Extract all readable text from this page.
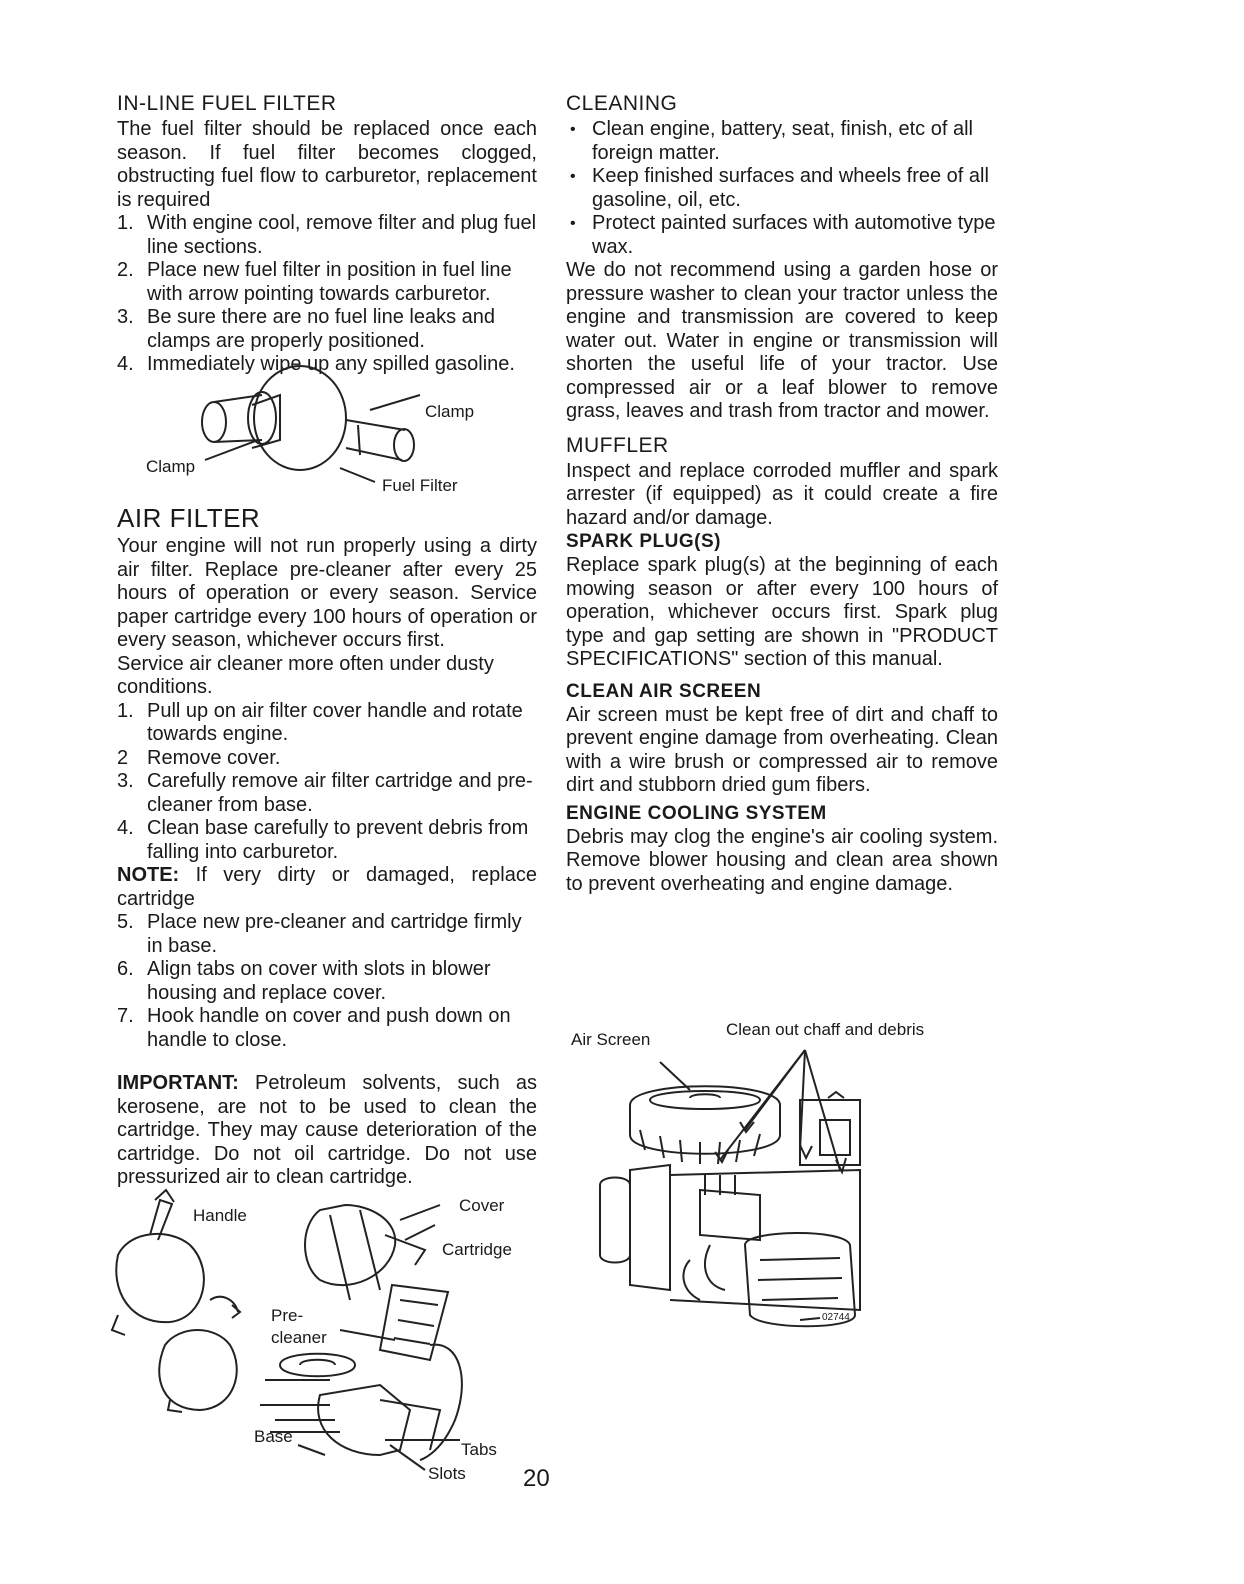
IN-LINE FUEL FILTER

The fuel filter should be replaced once each season. If fuel filter becomes clogged, obstructing fuel flow to carburetor, replacement is required

1. With engine cool, remove filter and plug fuel line sections.
2. Place new fuel filter in position in fuel line with arrow pointing towards carburetor.
3. Be sure there are no fuel line leaks and clamps are properly positioned.
4. Immediately wipe up any spilled gasoline.
Clamp
Clamp
Fuel Filter
AIR FILTER

Your engine will not run properly using a dirty air filter. Replace pre-cleaner after every 25 hours of operation or every season. Service paper cartridge every 100 hours of operation or every season, whichever occurs first.

Service air cleaner more often under dusty conditions.

1. Pull up on air filter cover handle and rotate towards engine.
2 Remove cover.
3. Carefully remove air filter cartridge and pre-cleaner from base.
4. Clean base carefully to prevent debris from falling into carburetor.

NOTE: If very dirty or damaged, replace cartridge

5. Place new pre-cleaner and cartridge firmly in base.
6. Align tabs on cover with slots in blower housing and replace cover.
7. Hook handle on cover and push down on handle to close.

IMPORTANT: Petroleum solvents, such as kerosene, are not to be used to clean the cartridge. They may cause deterioration of the cartridge. Do not oil cartridge. Do not use pressurized air to clean cartridge.

Handle
Cover
Cartridge
Pre-
cleaner
Base
Tabs
Slots
CLEANING
• Clean engine, battery, seat, finish, etc of all foreign matter.
• Keep finished surfaces and wheels free of all gasoline, oil, etc.
• Protect painted surfaces with automotive type wax.

We do not recommend using a garden hose or pressure washer to clean your tractor unless the engine and transmission are covered to keep water out. Water in engine or transmission will shorten the useful life of your tractor. Use compressed air or a leaf blower to remove grass, leaves and trash from tractor and mower.

MUFFLER

Inspect and replace corroded muffler and spark arrester (if equipped) as it could create a fire hazard and/or damage.

SPARK PLUG(S)

Replace spark plug(s) at the beginning of each mowing season or after every 100 hours of operation, whichever occurs first. Spark plug type and gap setting are shown in "PRODUCT SPECIFICATIONS" section of this manual.

CLEAN AIR SCREEN

Air screen must be kept free of dirt and chaff to prevent engine damage from overheating. Clean with a wire brush or compressed air to remove dirt and stubborn dried gum fibers.

ENGINE COOLING SYSTEM

Debris may clog the engine's air cooling system. Remove blower housing and clean area shown to prevent overheating and engine damage.

Air Screen
Clean out chaff and debris
02744
20
